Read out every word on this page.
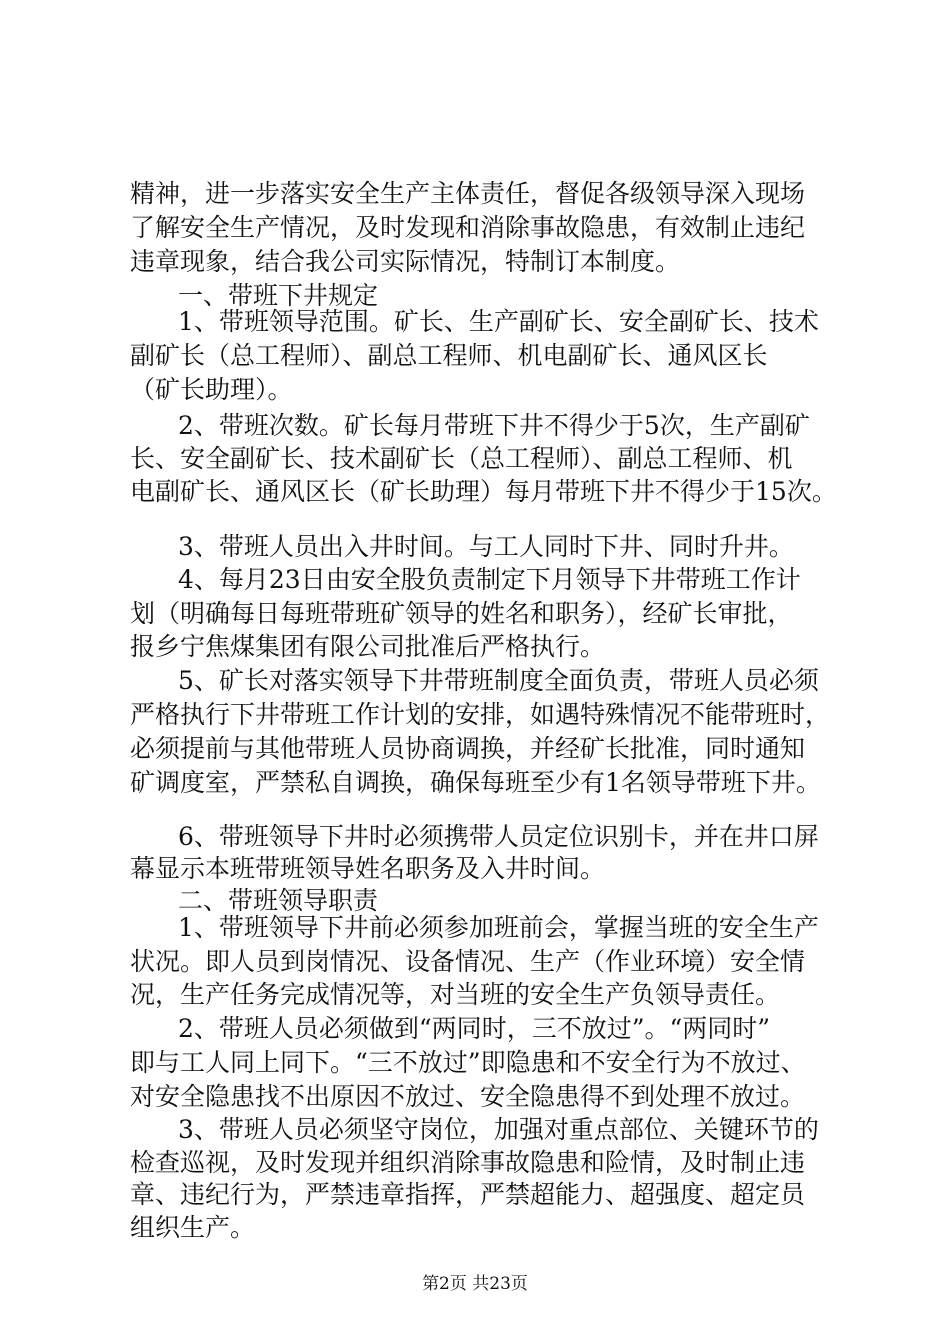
精神，进一步落实安全生产主体责任，督促各级领导深入现场
了解安全生产情况，及时发现和消除事故隐患，有效制止违纪
违章现象，结合我公司实际情况，特制订本制度。
一、带班下井规定
1、带班领导范围。矿长、生产副矿长、安全副矿长、技术
副矿长（总工程师）、副总工程师、机电副矿长、通风区长
（矿长助理）。
2、带班次数。矿长每月带班下井不得少于5次，生产副矿
长、安全副矿长、技术副矿长（总工程师）、副总工程师、机
电副矿长、通风区长（矿长助理）每月带班下井不得少于15次。
3、带班人员出入井时间。与工人同时下井、同时升井。
4、每月23日由安全股负责制定下月领导下井带班工作计
划（明确每日每班带班矿领导的姓名和职务），经矿长审批，
报乡宁焦煤集团有限公司批准后严格执行。
5、矿长对落实领导下井带班制度全面负责，带班人员必须
严格执行下井带班工作计划的安排，如遇特殊情况不能带班时，
必须提前与其他带班人员协商调换，并经矿长批准，同时通知
矿调度室，严禁私自调换，确保每班至少有1名领导带班下井。
6、带班领导下井时必须携带人员定位识别卡，并在井口屏
幕显示本班带班领导姓名职务及入井时间。
二、带班领导职责
1、带班领导下井前必须参加班前会，掌握当班的安全生产
状况。即人员到岗情况、设备情况、生产（作业环境）安全情
况，生产任务完成情况等，对当班的安全生产负领导责任。
2、带班人员必须做到“两同时，三不放过”。“两同时”
即与工人同上同下。“三不放过”即隐患和不安全行为不放过、
对安全隐患找不出原因不放过、安全隐患得不到处理不放过。
3、带班人员必须坚守岗位，加强对重点部位、关键环节的
检查巡视，及时发现并组织消除事故隐患和险情，及时制止违
章、违纪行为，严禁违章指挥，严禁超能力、超强度、超定员
组织生产。
第2页 共23页
